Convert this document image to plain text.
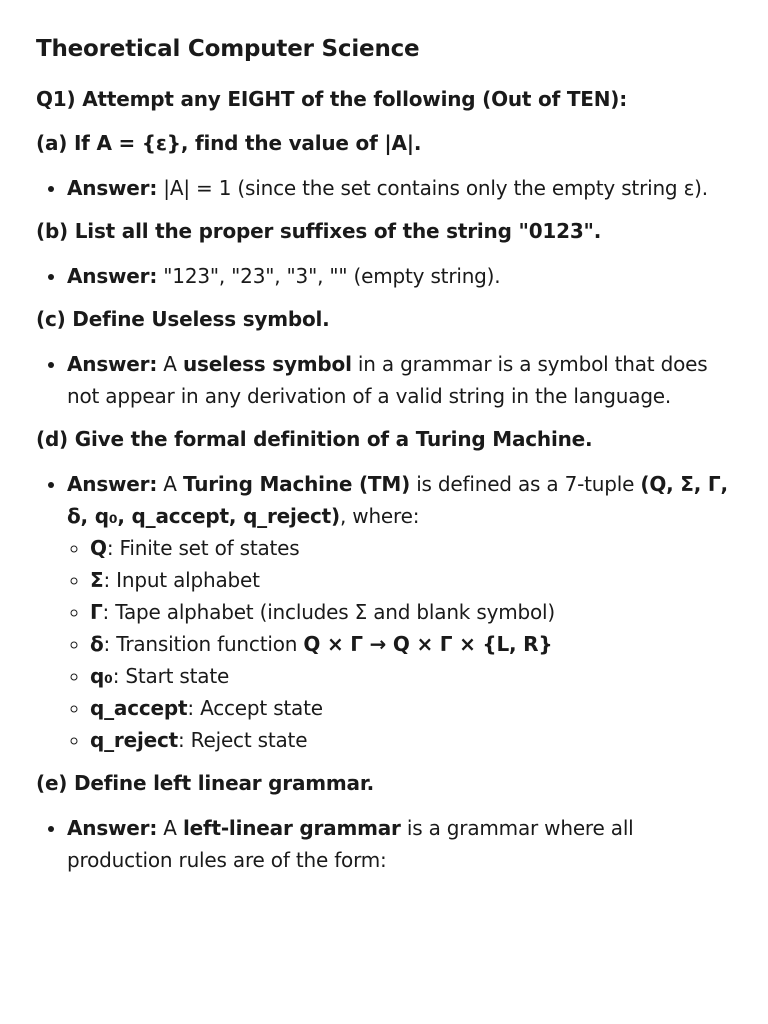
Theoretical Computer Science
Q1) Attempt any EIGHT of the following (Out of TEN):
(a) If A = {ε}, find the value of |A|.
• Answer: |A| = 1 (since the set contains only the empty string ε).
(b) List all the proper suffixes of the string "0123".
• Answer: "123", "23", "3", "" (empty string).
(c) Define Useless symbol.
• Answer: A useless symbol in a grammar is a symbol that does not appear in any derivation of a valid string in the language.
(d) Give the formal definition of a Turing Machine.
• Answer: A Turing Machine (TM) is defined as a 7-tuple (Q, Σ, Γ, δ, q₀, q_accept, q_reject), where:
◦ Q: Finite set of states
◦ Σ: Input alphabet
◦ Γ: Tape alphabet (includes Σ and blank symbol)
◦ δ: Transition function Q × Γ → Q × Γ × {L, R}
◦ q₀: Start state
◦ q_accept: Accept state
◦ q_reject: Reject state
(e) Define left linear grammar.
• Answer: A left-linear grammar is a grammar where all production rules are of the form:
